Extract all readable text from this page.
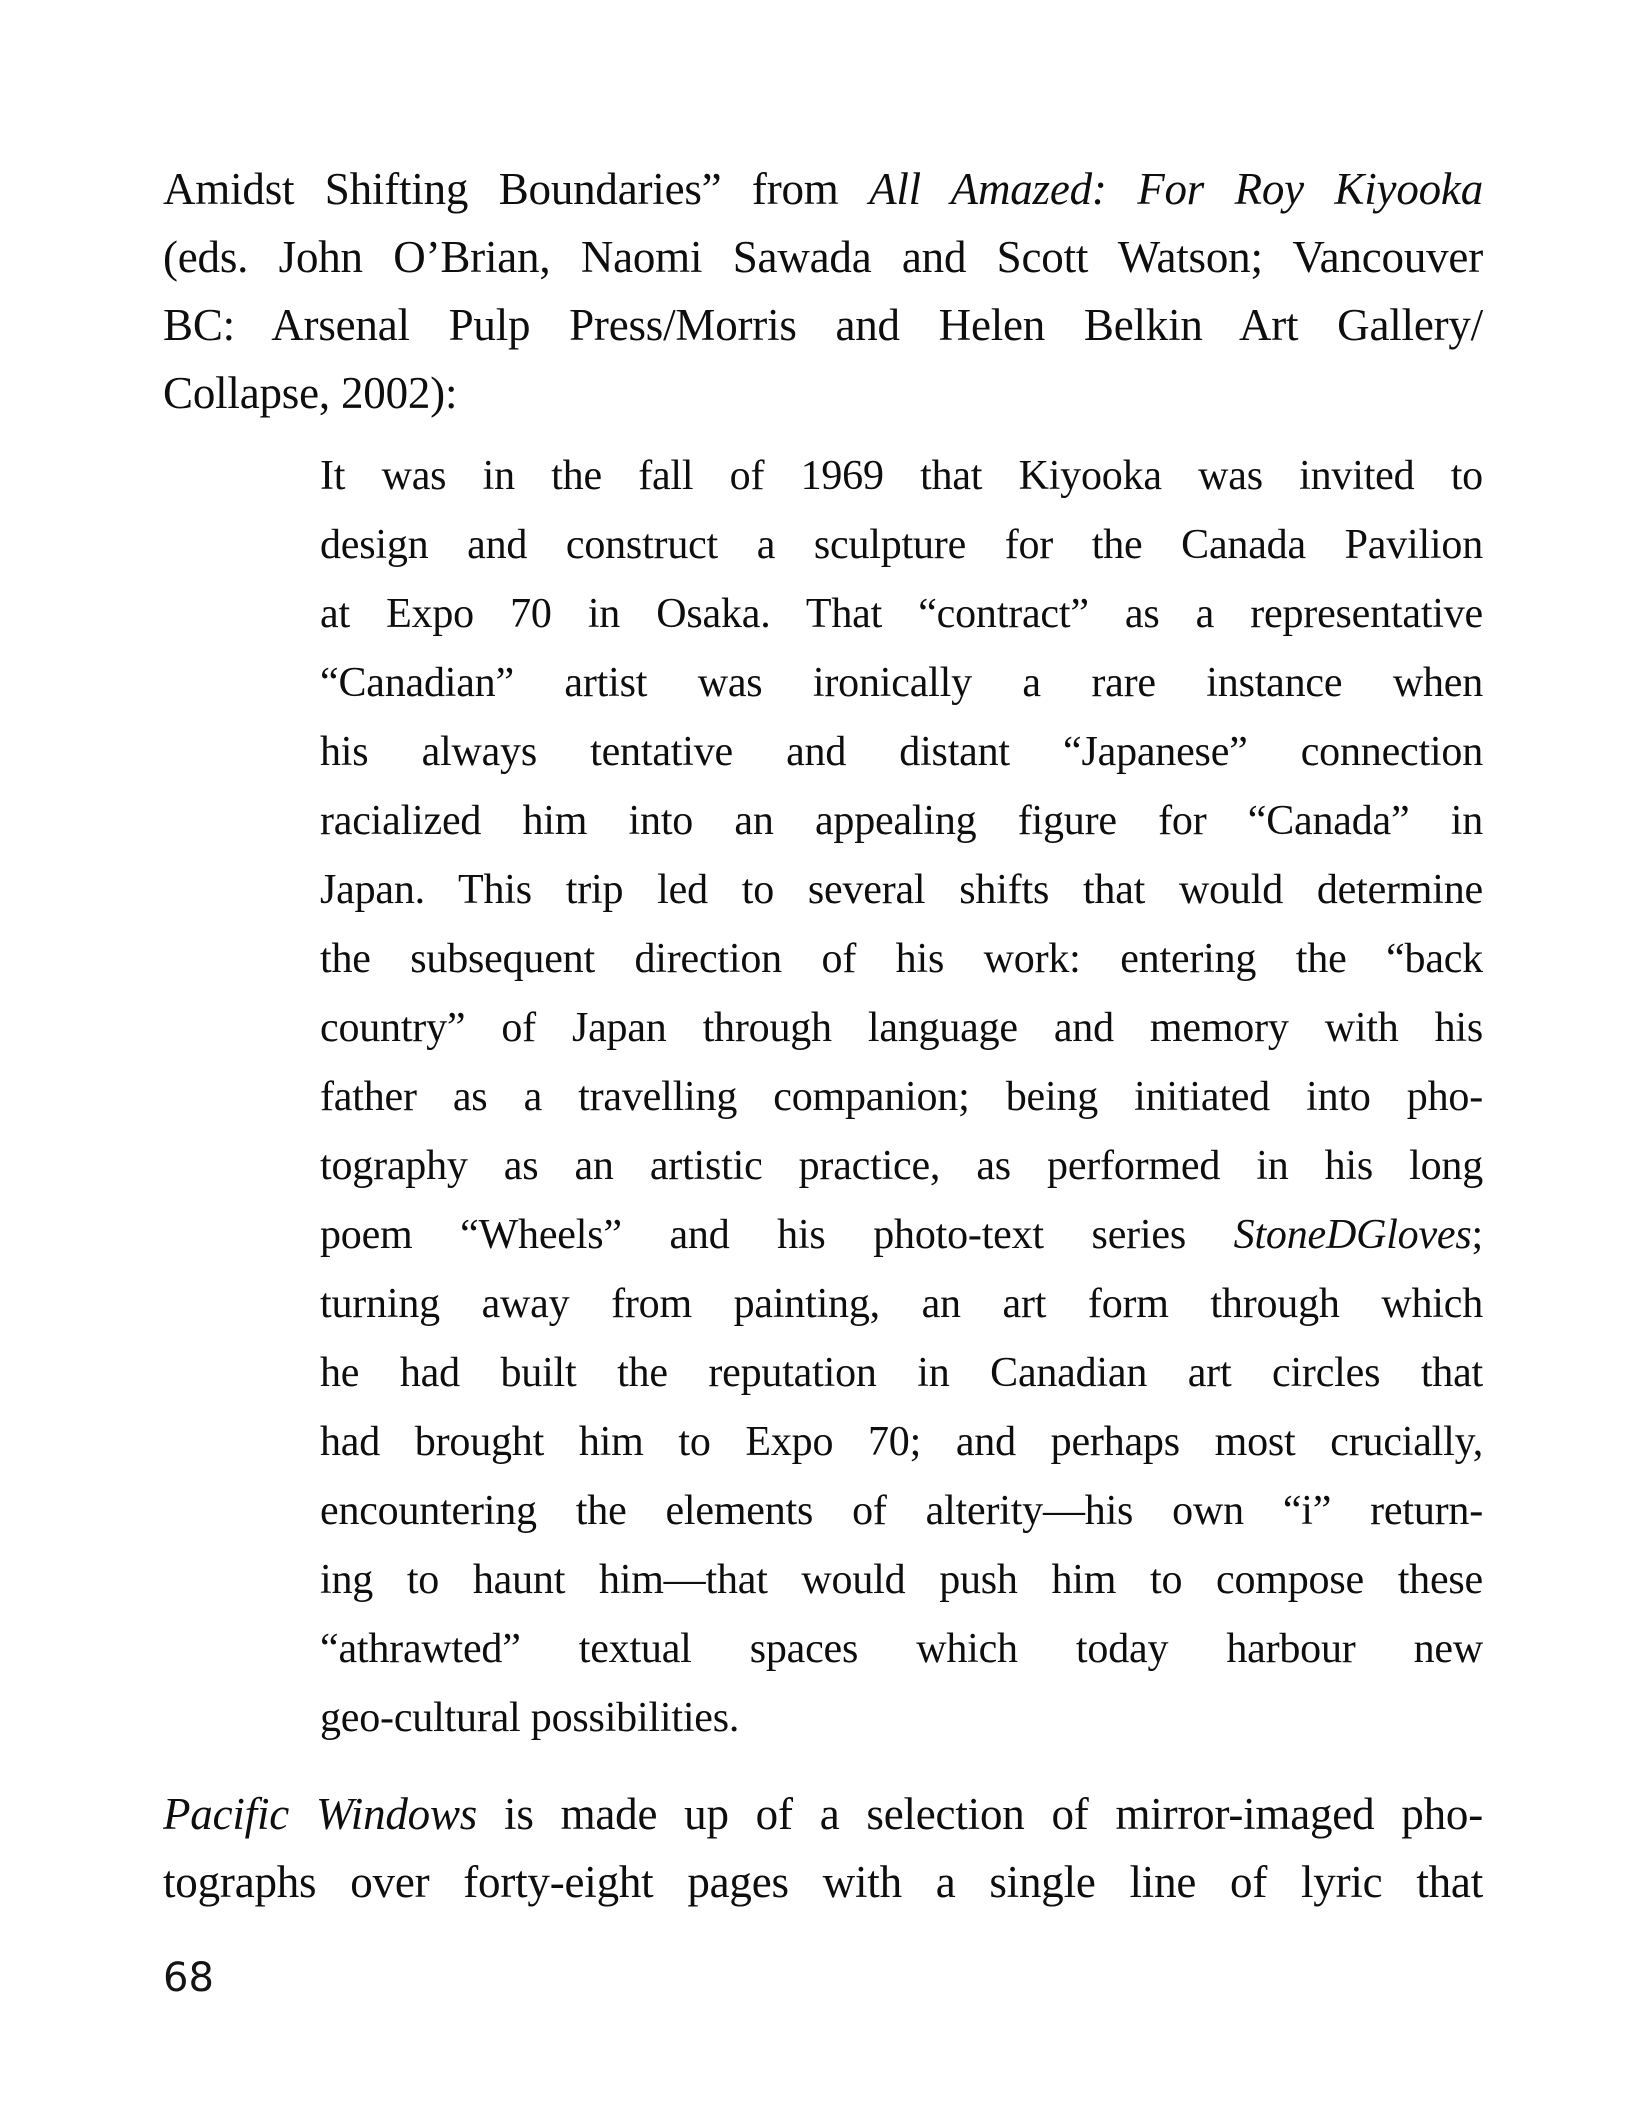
Amidst Shifting Boundaries” from All Amazed: For Roy Kiyooka
(eds. John O’Brian, Naomi Sawada and Scott Watson; Vancouver
BC: Arsenal Pulp Press/Morris and Helen Belkin Art Gallery/
Collapse, 2002):
It was in the fall of 1969 that Kiyooka was invited to
design and construct a sculpture for the Canada Pavilion
at Expo 70 in Osaka. That “contract” as a representative
“Canadian” artist was ironically a rare instance when
his always tentative and distant “Japanese” connection
racialized him into an appealing figure for “Canada” in
Japan. This trip led to several shifts that would determine
the subsequent direction of his work: entering the “back
country” of Japan through language and memory with his
father as a travelling companion; being initiated into pho-
tography as an artistic practice, as performed in his long
poem “Wheels” and his photo-text series StoneDGloves;
turning away from painting, an art form through which
he had built the reputation in Canadian art circles that
had brought him to Expo 70; and perhaps most crucially,
encountering the elements of alterity—his own “i” return-
ing to haunt him—that would push him to compose these
“athrawted” textual spaces which today harbour new
geo-cultural possibilities.
Pacific Windows is made up of a selection of mirror-imaged pho-
tographs over forty-eight pages with a single line of lyric that
68
